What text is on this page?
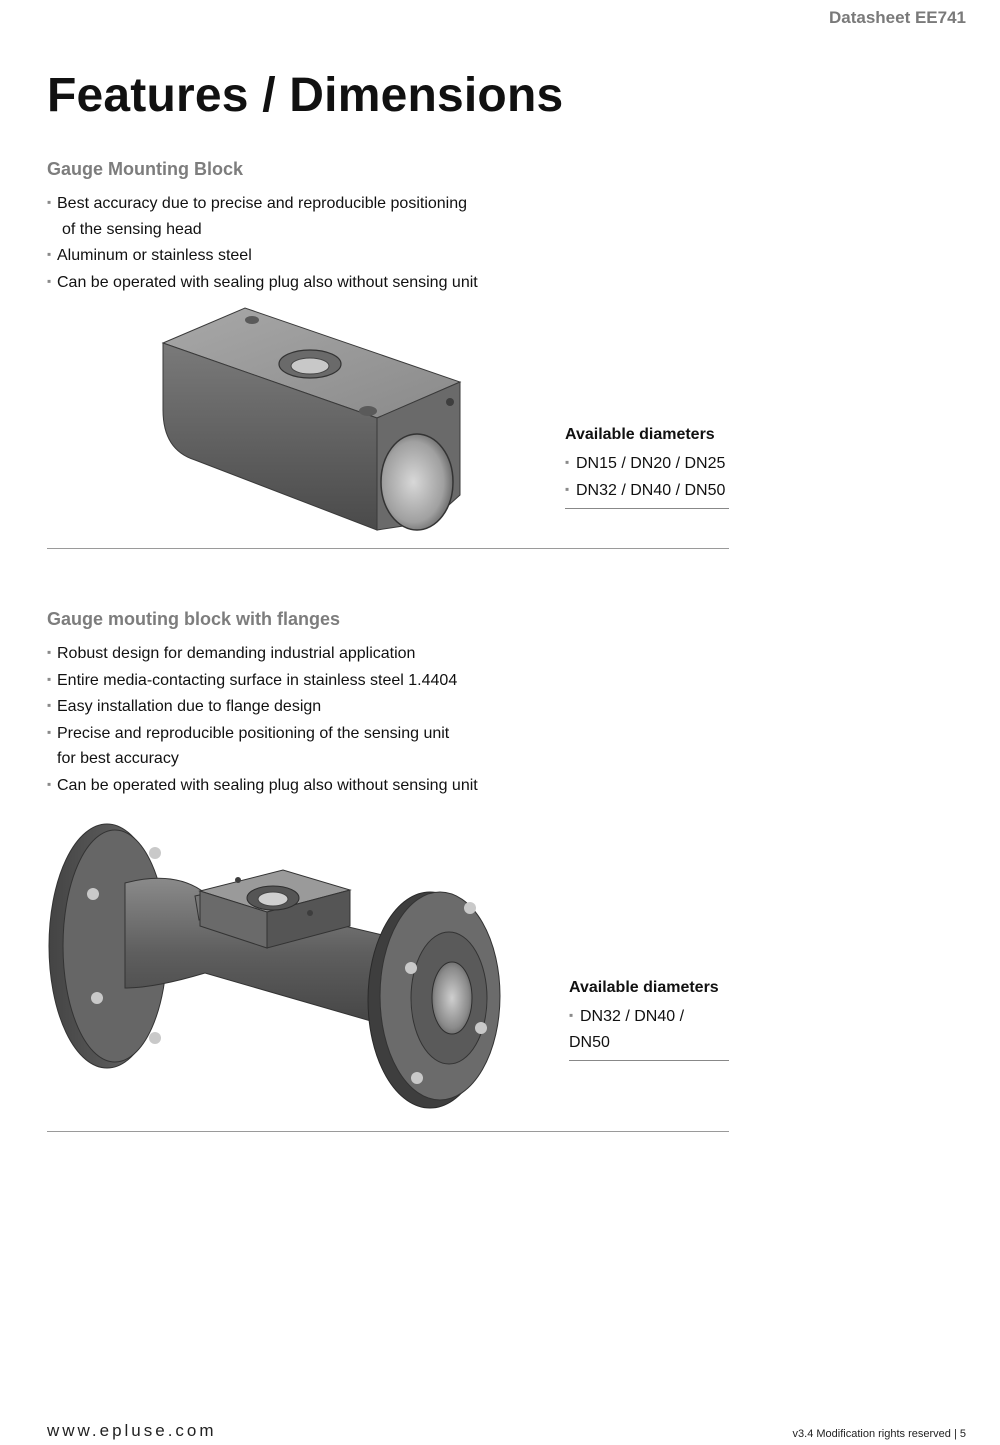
Datasheet EE741
Features / Dimensions
Gauge Mounting Block
▪ Best accuracy due to precise and reproducible positioning
of the sensing head
▪ Aluminum or stainless steel
▪ Can be operated with sealing plug also without sensing unit
Available diameters
▪ DN15 / DN20 / DN25
▪ DN32 / DN40 / DN50
Gauge mouting block with flanges
▪ Robust design for demanding industrial application
▪ Entire media-contacting surface in stainless steel 1.4404
▪ Easy installation due to flange design
▪ Precise and reproducible positioning of the sensing unit
for best accuracy
▪ Can be operated with sealing plug also without sensing unit
Available diameters
▪ DN32 / DN40 / DN50
www.epluse.com	v3.4 Modification rights reserved | 5
